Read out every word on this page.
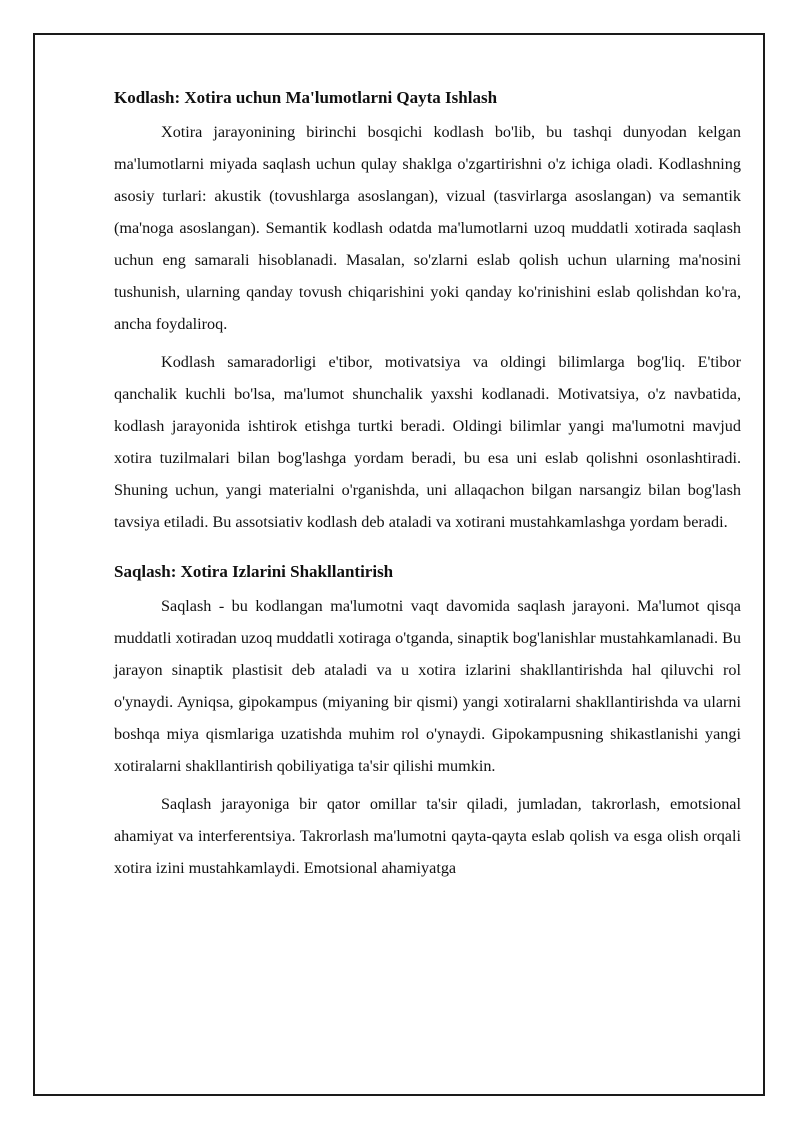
Kodlash: Xotira uchun Ma'lumotlarni Qayta Ishlash

Xotira jarayonining birinchi bosqichi kodlash bo'lib, bu tashqi dunyodan kelgan ma'lumotlarni miyada saqlash uchun qulay shaklga o'zgartirishni o'z ichiga oladi. Kodlashning asosiy turlari: akustik (tovushlarga asoslangan), vizual (tasvirlarga asoslangan) va semantik (ma'noga asoslangan). Semantik kodlash odatda ma'lumotlarni uzoq muddatli xotirada saqlash uchun eng samarali hisoblanadi. Masalan, so'zlarni eslab qolish uchun ularning ma'nosini tushunish, ularning qanday tovush chiqarishini yoki qanday ko'rinishini eslab qolishdan ko'ra, ancha foydaliroq.

Kodlash samaradorligi e'tibor, motivatsiya va oldingi bilimlarga bog'liq. E'tibor qanchalik kuchli bo'lsa, ma'lumot shunchalik yaxshi kodlanadi. Motivatsiya, o'z navbatida, kodlash jarayonida ishtirok etishga turtki beradi. Oldingi bilimlar yangi ma'lumotni mavjud xotira tuzilmalari bilan bog'lashga yordam beradi, bu esa uni eslab qolishni osonlashtiradi. Shuning uchun, yangi materialni o'rganishda, uni allaqachon bilgan narsangiz bilan bog'lash tavsiya etiladi. Bu assotsiativ kodlash deb ataladi va xotirani mustahkamlashga yordam beradi.

Saqlash: Xotira Izlarini Shakllantirish

Saqlash - bu kodlangan ma'lumotni vaqt davomida saqlash jarayoni. Ma'lumot qisqa muddatli xotiradan uzoq muddatli xotiraga o'tganda, sinaptik bog'lanishlar mustahkamlanadi. Bu jarayon sinaptik plastisit deb ataladi va u xotira izlarini shakllantirishda hal qiluvchi rol o'ynaydi. Ayniqsa, gipokampus (miyaning bir qismi) yangi xotiralarni shakllantirishda va ularni boshqa miya qismlariga uzatishda muhim rol o'ynaydi. Gipokampusning shikastlanishi yangi xotiralarni shakllantirish qobiliyatiga ta'sir qilishi mumkin.

Saqlash jarayoniga bir qator omillar ta'sir qiladi, jumladan, takrorlash, emotsional ahamiyat va interferentsiya. Takrorlash ma'lumotni qayta-qayta eslab qolish va esga olish orqali xotira izini mustahkamlaydi. Emotsional ahamiyatga
